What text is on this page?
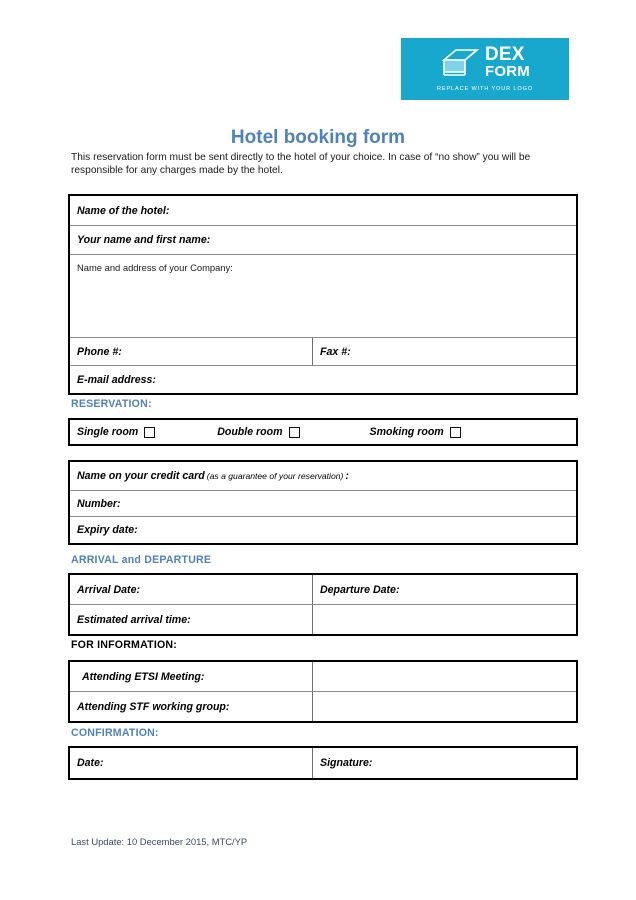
DEX
FORM
REPLACE WITH YOUR LOGO
Hotel booking form
This reservation form must be sent directly to the hotel of your choice. In case of “no show” you will be responsible for any charges made by the hotel.
Name of the hotel:
Your name and first name:
Name and address of your Company:
Phone #:	Fax #:
E-mail address:
RESERVATION:
Single room	Double room	Smoking room
Name on your credit card (as a guarantee of your reservation) :
Number:
Expiry date:
ARRIVAL and DEPARTURE
Arrival Date:	Departure Date:
Estimated arrival time:
FOR INFORMATION:
Attending ETSI Meeting:
Attending STF working group:
CONFIRMATION:
Date:	Signature:
Last Update: 10 December 2015, MTC/YP
